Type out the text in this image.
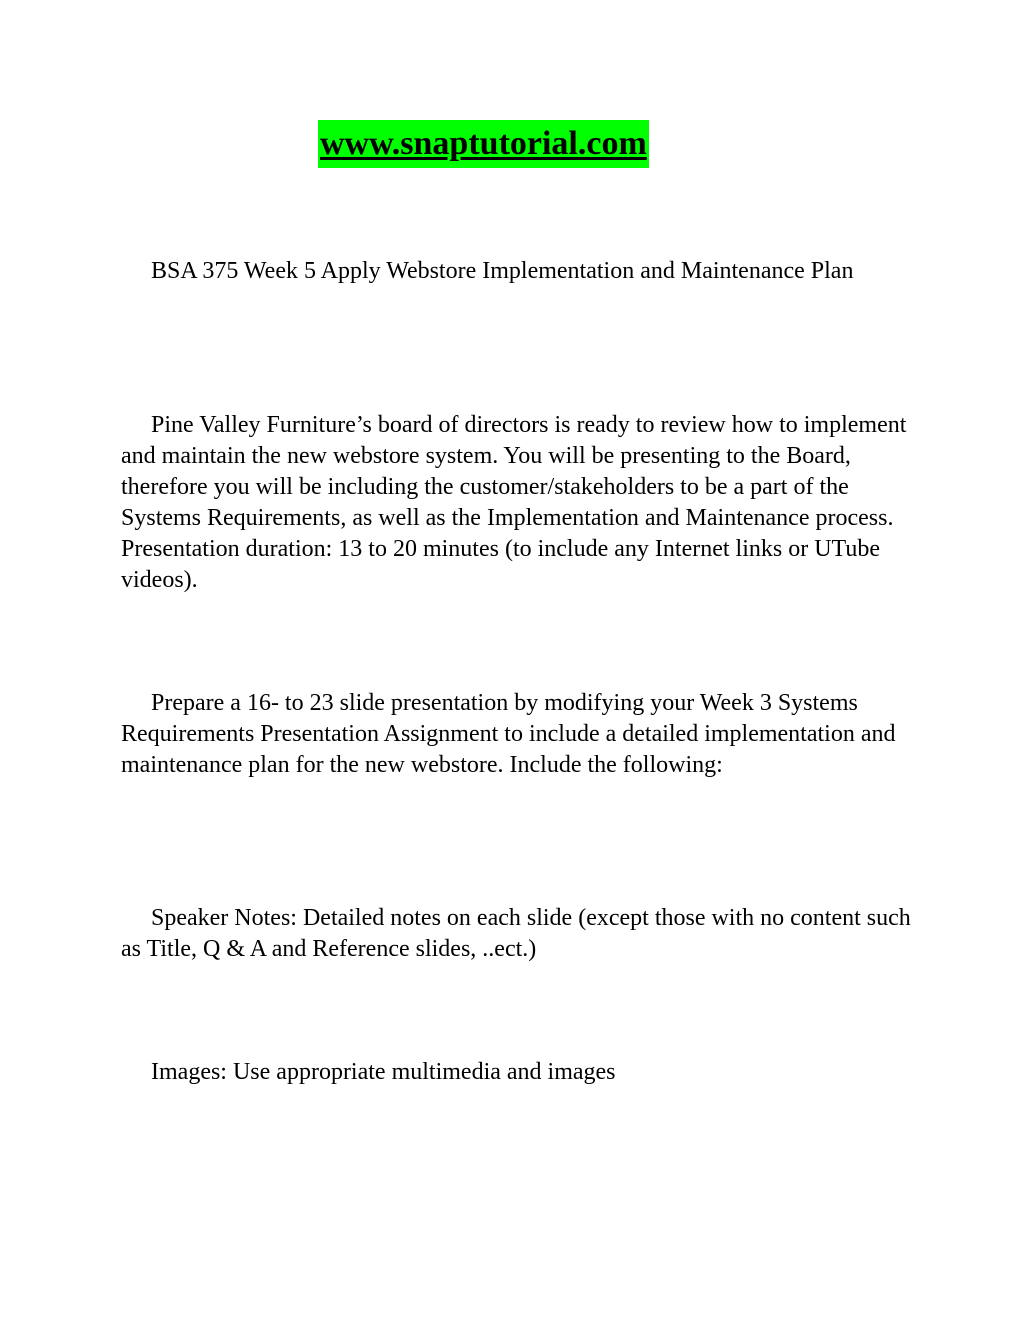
www.snaptutorial.com

BSA 375 Week 5 Apply Webstore Implementation and Maintenance Plan

Pine Valley Furniture’s board of directors is ready to review how to implement and maintain the new webstore system. You will be presenting to the Board, therefore you will be including the customer/stakeholders to be a part of the Systems Requirements, as well as the Implementation and Maintenance process. Presentation duration: 13 to 20 minutes (to include any Internet links or UTube videos).

Prepare a 16- to 23 slide presentation by modifying your Week 3 Systems Requirements Presentation Assignment to include a detailed implementation and maintenance plan for the new webstore. Include the following:

Speaker Notes: Detailed notes on each slide (except those with no content such as Title, Q & A and Reference slides, ..ect.)

Images: Use appropriate multimedia and images
